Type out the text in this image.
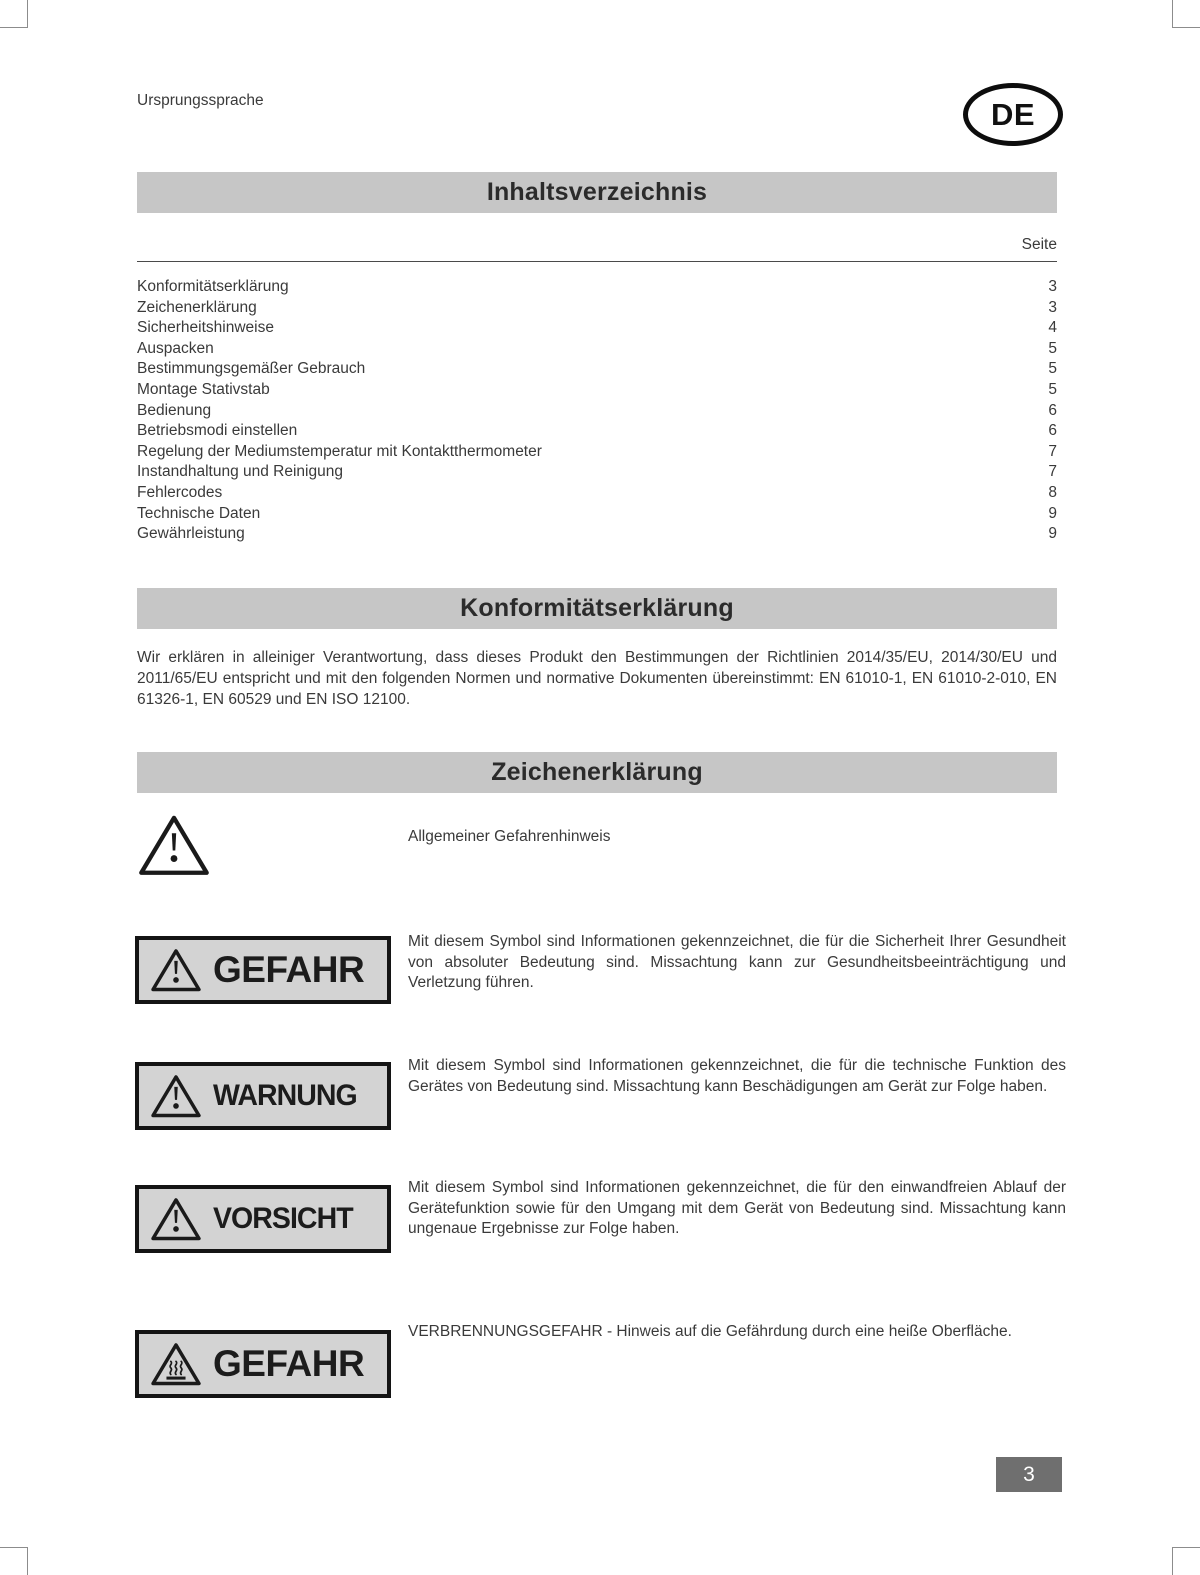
Ursprungssprache	DE
Inhaltsverzeichnis
Seite
Konformitätserklärung	3
Zeichenerklärung	3
Sicherheitshinweise	4
Auspacken	5
Bestimmungsgemäßer Gebrauch	5
Montage Stativstab	5
Bedienung	6
Betriebsmodi einstellen	6
Regelung der Mediumstemperatur mit Kontaktthermometer	7
Instandhaltung und Reinigung	7
Fehlercodes	8
Technische Daten	9
Gewährleistung	9
Konformitätserklärung
Wir erklären in alleiniger Verantwortung, dass dieses Produkt den Bestimmungen der Richtlinien 2014/35/EU, 2014/30/EU und 2011/65/EU entspricht und mit den folgenden Normen und normative Dokumenten übereinstimmt: EN 61010-1, EN 61010-2-010, EN 61326-1, EN 60529 und EN ISO 12100.
Zeichenerklärung
Allgemeiner Gefahrenhinweis
GEFAHR
Mit diesem Symbol sind Informationen gekennzeichnet, die für die Sicherheit Ihrer Gesundheit von absoluter Bedeutung sind. Missachtung kann zur Gesundheitsbeeinträchtigung und Verletzung führen.
WARNUNG
Mit diesem Symbol sind Informationen gekennzeichnet, die für die technische Funktion des Gerätes von Bedeutung sind. Missachtung kann Beschädigungen am Gerät zur Folge haben.
VORSICHT
Mit diesem Symbol sind Informationen gekennzeichnet, die für den einwandfreien Ablauf der Gerätefunktion sowie für den Umgang mit dem Gerät von Bedeutung sind. Missachtung kann ungenaue Ergebnisse zur Folge haben.
GEFAHR
VERBRENNUNGSGEFAHR - Hinweis auf die Gefährdung durch eine heiße Oberfläche.
3
